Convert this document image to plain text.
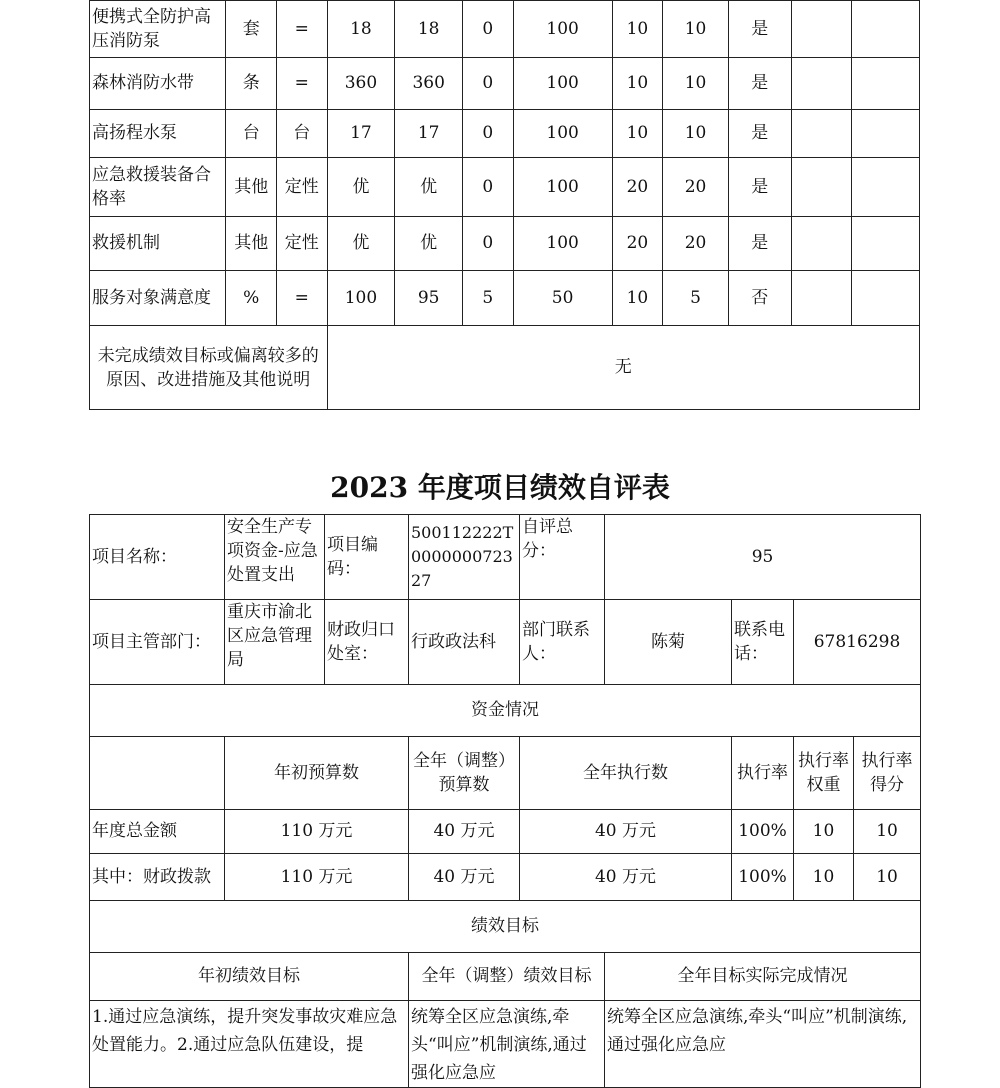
便携式全防护高压消防泵	套	=	18	18	0	100	10	10	是		
森林消防水带	条	=	360	360	0	100	10	10	是		
高扬程水泵	台	台	17	17	0	100	10	10	是		
应急救援装备合格率	其他	定性	优	优	0	100	20	20	是		
救援机制	其他	定性	优	优	0	100	20	20	是		
服务对象满意度	%	=	100	95	5	50	10	5	否		
未完成绩效目标或偏离较多的原因、改进措施及其他说明			无								
2023 年度项目绩效自评表
项目名称：	安全生产专项资金-应急处置支出	项目编码：	500112222T000000072327	自评总分：	95			
项目主管部门：	重庆市渝北区应急管理局	财政归口处室：	行政政法科	部门联系人：	陈菊	联系电话：	67816298	
资金情况								
	年初预算数		全年（调整）预算数	全年执行数		执行率	执行率权重	执行率得分
年度总金额	110 万元		40 万元	40 万元		100%	10	10
其中：财政拨款	110 万元		40 万元	40 万元		100%	10	10
绩效目标								
年初绩效目标			全年（调整）绩效目标		全年目标实际完成情况			
1.通过应急演练，提升突发事故灾难应急处置能力。2.通过应急队伍建设，提			统筹全区应急演练,牵头“叫应”机制演练,通过强化应急应		统筹全区应急演练,牵头“叫应”机制演练,通过强化应急应			
